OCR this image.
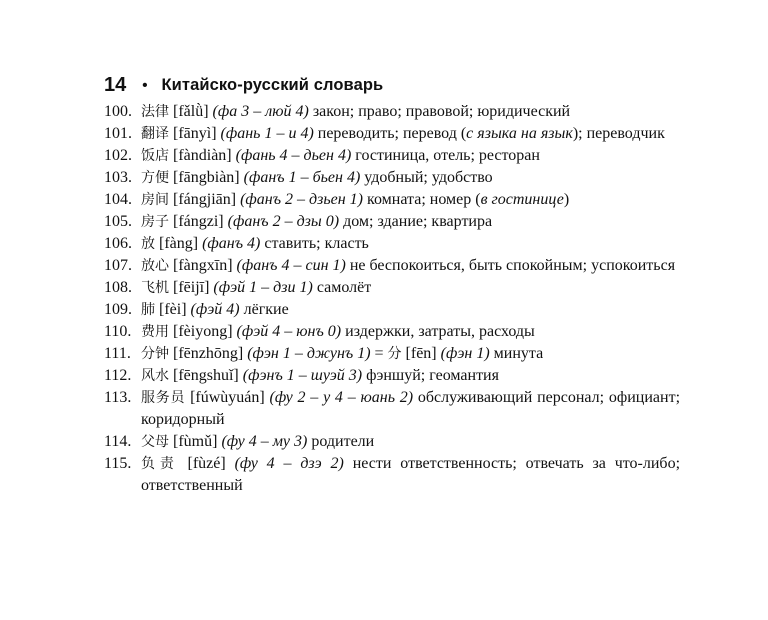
14 • Китайско-русский словарь
100. 法律 [fǎlǜ] (фа 3 – люй 4) закон; право; правовой; юридический
101. 翻译 [fānyì] (фань 1 – и 4) переводить; перевод (с языка на язык); переводчик
102. 饭店 [fàndiàn] (фань 4 – дьен 4) гостиница, отель; ресторан
103. 方便 [fāngbiàn] (фанъ 1 – бьен 4) удобный; удобство
104. 房间 [fángjiān] (фанъ 2 – дзьен 1) комната; номер (в гостинице)
105. 房子 [fángzi] (фанъ 2 – дзы 0) дом; здание; квартира
106. 放 [fàng] (фанъ 4) ставить; класть
107. 放心 [fàngxīn] (фанъ 4 – син 1) не беспокоиться, быть спокойным; успокоиться
108. 飞机 [fēijī] (фэй 1 – дзи 1) самолёт
109. 肺 [fèi] (фэй 4) лёгкие
110. 费用 [fèiyong] (фэй 4 – юнъ 0) издержки, затраты, расходы
111. 分钟 [fēnzhōng] (фэн 1 – джунъ 1) = 分 [fēn] (фэн 1) минута
112. 风水 [fēngshuǐ] (фэнъ 1 – шуэй 3) фэншуй; геомантия
113. 服务员 [fúwùyuán] (фу 2 – у 4 – юань 2) обслуживающий персонал; официант; коридорный
114. 父母 [fùmǔ] (фу 4 – му 3) родители
115. 负责 [fùzé] (фу 4 – дзэ 2) нести ответственность; отвечать за что-либо; ответственный
